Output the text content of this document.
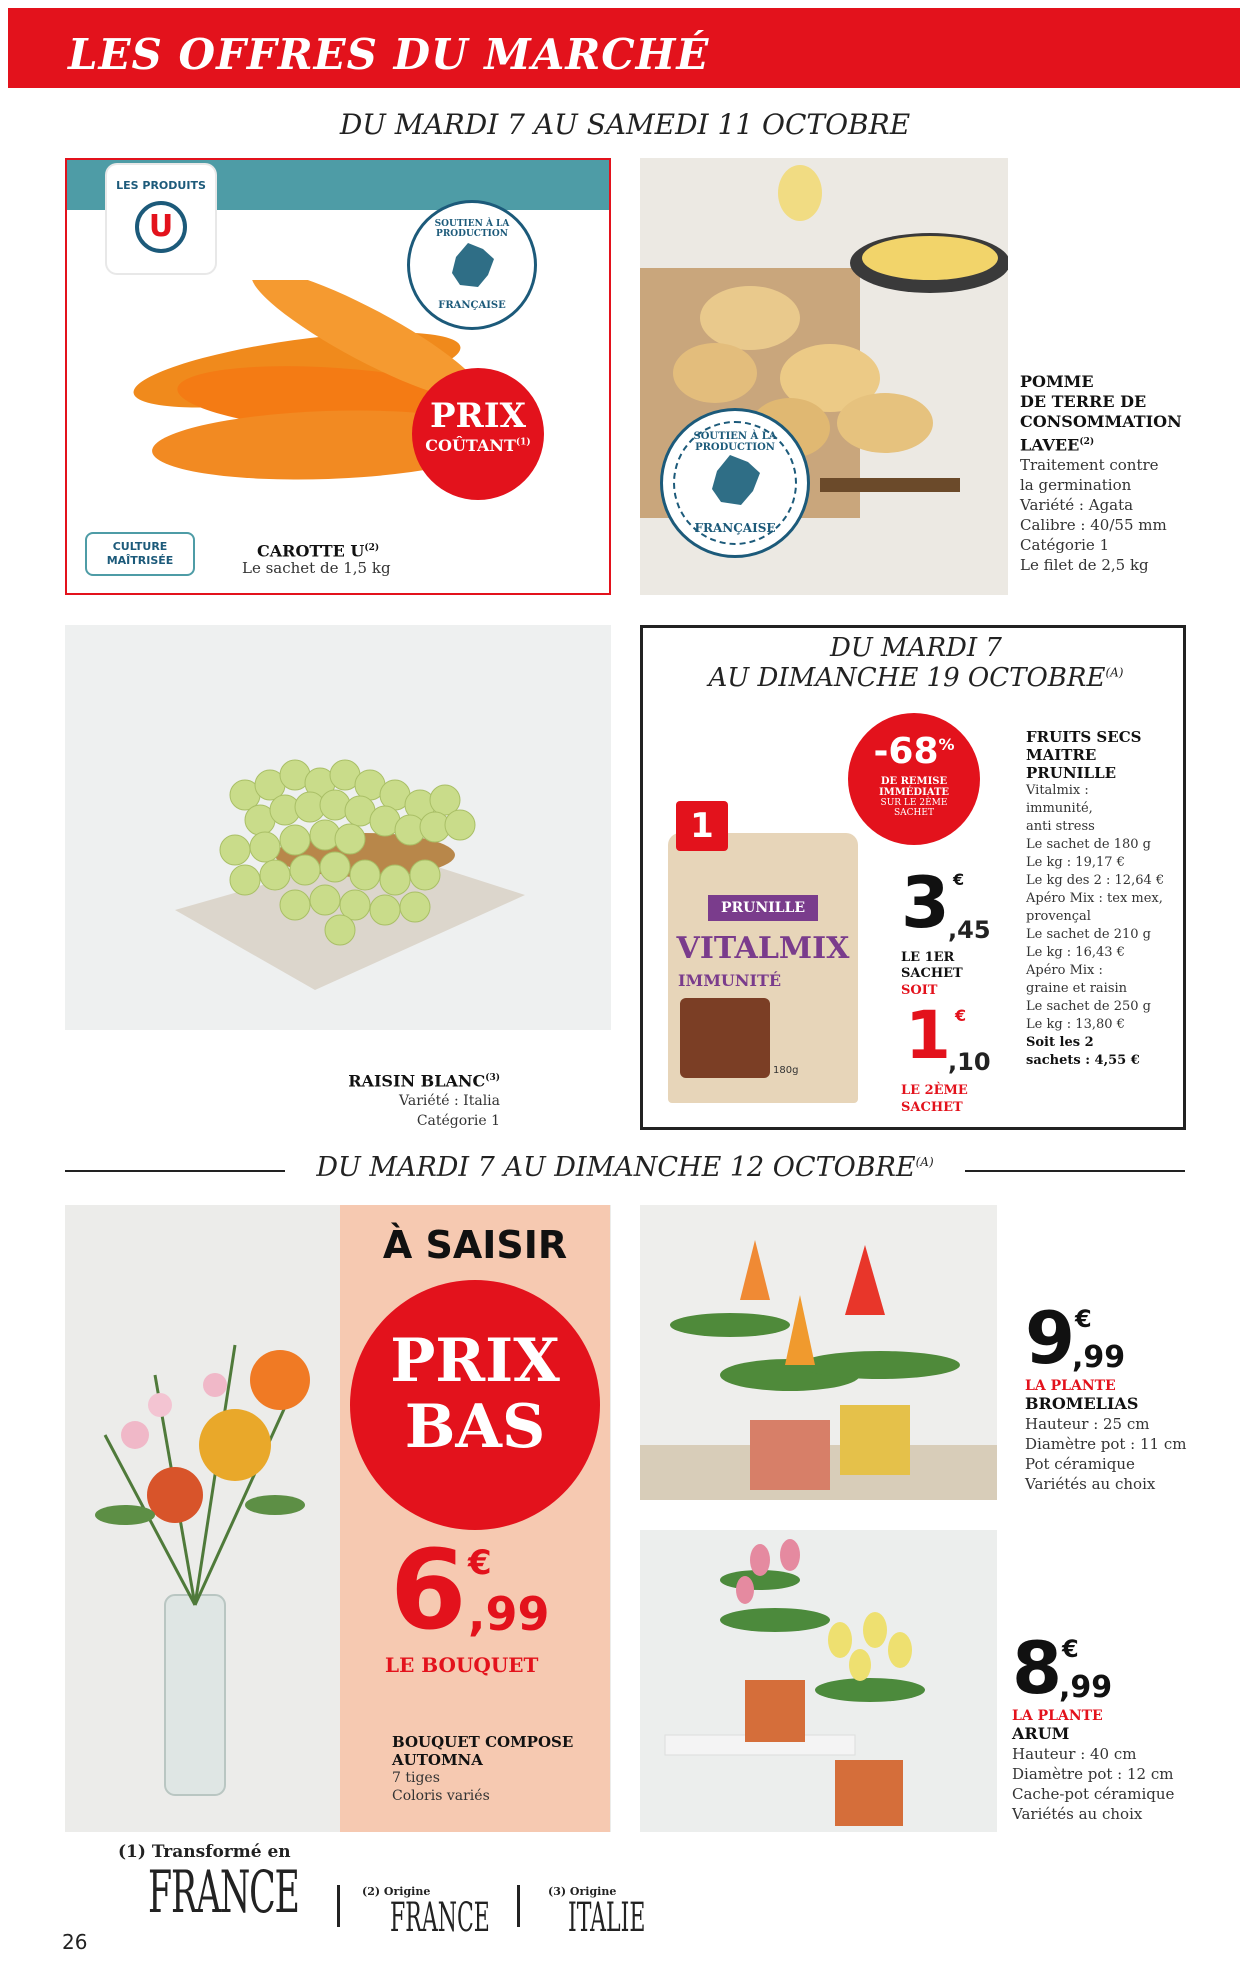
LES OFFRES DU MARCHÉ
DU MARDI 7 AU SAMEDI 11 OCTOBRE
LES PRODUITS
U	SOUTIEN À LA PRODUCTION
FRANÇAISE
PRIX
COÛTANT$^{(1)}$
CULTURE MAÎTRISÉE
CAROTTE $U^{(2)}$
Le sachet de 1,5 kg
SOUTIEN À LA PRODUCTION
FRANÇAISE
POMME
DE TERRE DE
CONSOMMATION
LAVEE$^{(2)}$
Traitement contre
la germination
Variété : Agata
Calibre : 40/55 mm
Catégorie 1
Le filet de 2,5 kg
RAISIN BLANC$^{(3)}$
Variété : Italia
Catégorie 1
DU MARDI 7
AU DIMANCHE 19 $OCTOBRE^{(A)}$
-68%
DE REMISE
IMMÉDIATE
SUR LE 2ÈME
SACHET
1
PRUNILLE
VITALMIX
IMMUNITÉ
180g
3 €
,45
LE 1ER
SACHET
SOIT
1 €
,10
LE 2ÈME
SACHET
FRUITS SECS
MAITRE
PRUNILLE
Vitalmix :
immunité,
anti stress
Le sachet de 180 g
Le kg : 19,17 €
Le kg des 2 : 12,64 €
Apéro Mix : tex mex,
provençal
Le sachet de 210 g
Le kg : 16,43 €
Apéro Mix :
graine et raisin
Le sachet de 250 g
Le kg : 13,80 €
Soit les 2
sachets : 4,55 €
DU MARDI 7 AU DIMANCHE 12 $OCTOBRE^{(A)}$
À SAISIR
PRIX
BAS
6 €
,99
LE BOUQUET
BOUQUET COMPOSE
AUTOMNA
7 tiges
Coloris variés
9 €
,99
LA PLANTE
BROMELIAS
Hauteur : 25 cm
Diamètre pot : 11 cm
Pot céramique
Variétés au choix
8 €
,99
LA PLANTE
ARUM
Hauteur : 40 cm
Diamètre pot : 12 cm
Cache-pot céramique
Variétés au choix
(1) Transformé en
FRANCE	(2) Origine
FRANCE
(3) Origine
ITALIE
26
